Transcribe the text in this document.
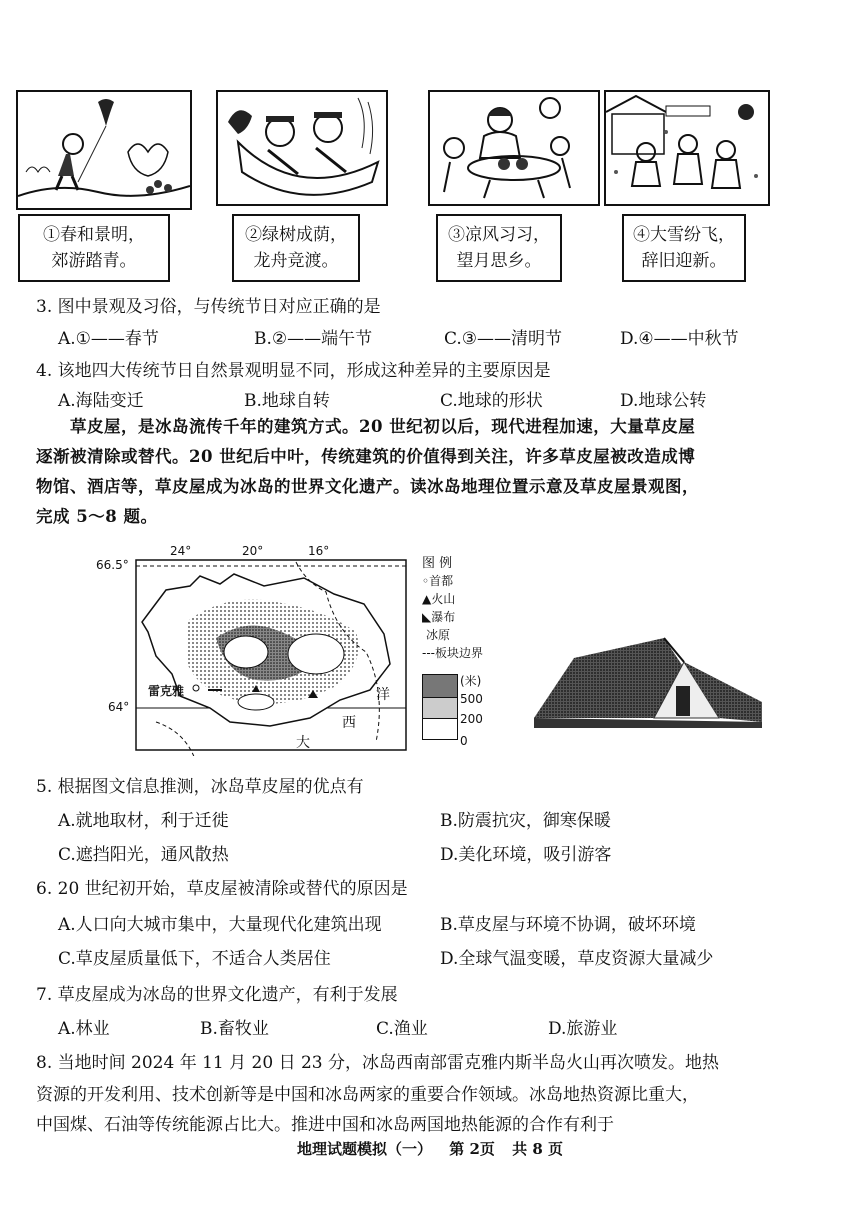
①春和景明，
郊游踏青。
②绿树成荫，
龙舟竞渡。
③凉风习习，
望月思乡。
④大雪纷飞，
辞旧迎新。
3. 图中景观及习俗，与传统节日对应正确的是
A.①——春节	B.②——端午节	C.③——清明节	D.④——中秋节
4. 该地四大传统节日自然景观明显不同，形成这种差异的主要原因是
A.海陆变迁	B.地球自转	C.地球的形状	D.地球公转
　　草皮屋，是冰岛流传千年的建筑方式。20 世纪初以后，现代进程加速，大量草皮屋
逐渐被清除或替代。20 世纪后中叶，传统建筑的价值得到关注，许多草皮屋被改造成博
物馆、酒店等，草皮屋成为冰岛的世界文化遗产。读冰岛地理位置示意及草皮屋景观图，
完成 5～8 题。
24°	20°	16°
66.5°
64°
雷克雅	洋
西
大
图 例
◦首都
▲火山
◣瀑布
冰原
---板块边界
(米)
500
200
0
5. 根据图文信息推测，冰岛草皮屋的优点有
A.就地取材，利于迁徙	B.防震抗灾，御寒保暖
C.遮挡阳光，通风散热	D.美化环境，吸引游客
6. 20 世纪初开始，草皮屋被清除或替代的原因是
A.人口向大城市集中，大量现代化建筑出现	B.草皮屋与环境不协调，破坏环境
C.草皮屋质量低下，不适合人类居住	D.全球气温变暖，草皮资源大量减少
7. 草皮屋成为冰岛的世界文化遗产，有利于发展
A.林业	B.畜牧业	C.渔业	D.旅游业
8. 当地时间 2024 年 11 月 20 日 23 分，冰岛西南部雷克雅内斯半岛火山再次喷发。地热
资源的开发利用、技术创新等是中国和冰岛两家的重要合作领域。冰岛地热资源比重大，
中国煤、石油等传统能源占比大。推进中国和冰岛两国地热能源的合作有利于
地理试题模拟（一） 第 2页 共 8 页
